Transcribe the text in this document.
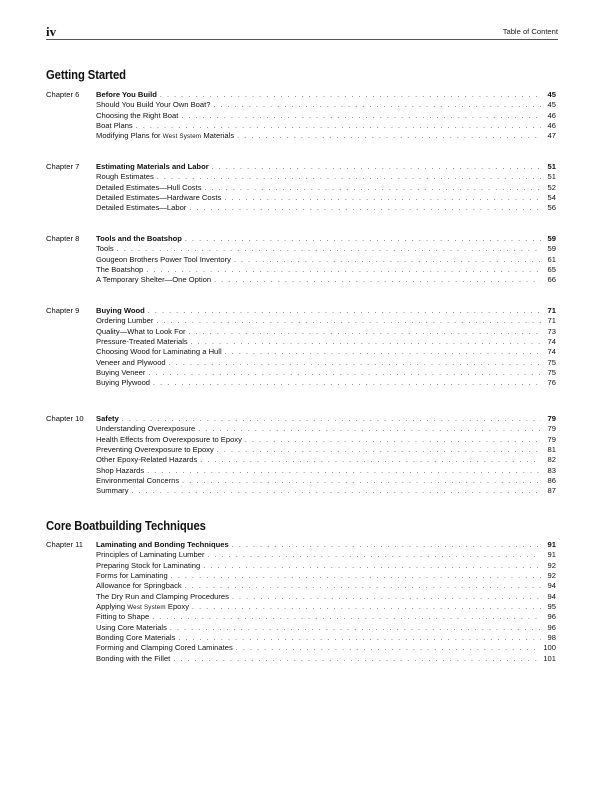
iv	Table of Content
Getting Started
Chapter 6 Before You Build . . .	45
Should You Build Your Own Boat? . . .	45
Choosing the Right Boat . . .	46
Boat Plans . . .	46
Modifying Plans for West System Materials . . .	47
Chapter 7 Estimating Materials and Labor . . .	51
Rough Estimates . . .	51
Detailed Estimates—Hull Costs . . .	52
Detailed Estimates—Hardware Costs . . .	54
Detailed Estimates—Labor . . .	56
Chapter 8 Tools and the Boatshop . . .	59
Tools . . .	59
Gougeon Brothers Power Tool Inventory . . .	61
The Boatshop . . .	65
A Temporary Shelter—One Option . . .	66
Chapter 9 Buying Wood . . .	71
Ordering Lumber . . .	71
Quality—What to Look For . . .	73
Pressure-Treated Materials . . .	74
Choosing Wood for Laminating a Hull . . .	74
Veneer and Plywood . . .	75
Buying Veneer . . .	75
Buying Plywood . . .	76
Chapter 10 Safety . . .	79
Understanding Overexposure . . .	79
Health Effects from Overexposure to Epoxy . . .	79
Preventing Overexposure to Epoxy . . .	81
Other Epoxy-Related Hazards . . .	82
Shop Hazards . . .	83
Environmental Concerns . . .	86
Summary . . .	87
Core Boatbuilding Techniques
Chapter 11 Laminating and Bonding Techniques . . .	91
Principles of Laminating Lumber . . .	91
Preparing Stock for Laminating . . .	92
Forms for Laminating . . .	92
Allowance for Springback . . .	94
The Dry Run and Clamping Procedures . . .	94
Applying West System Epoxy . . .	95
Fitting to Shape . . .	96
Using Core Materials . . .	96
Bonding Core Materials . . .	98
Forming and Clamping Cored Laminates . . .	100
Bonding with the Fillet . . .	101
